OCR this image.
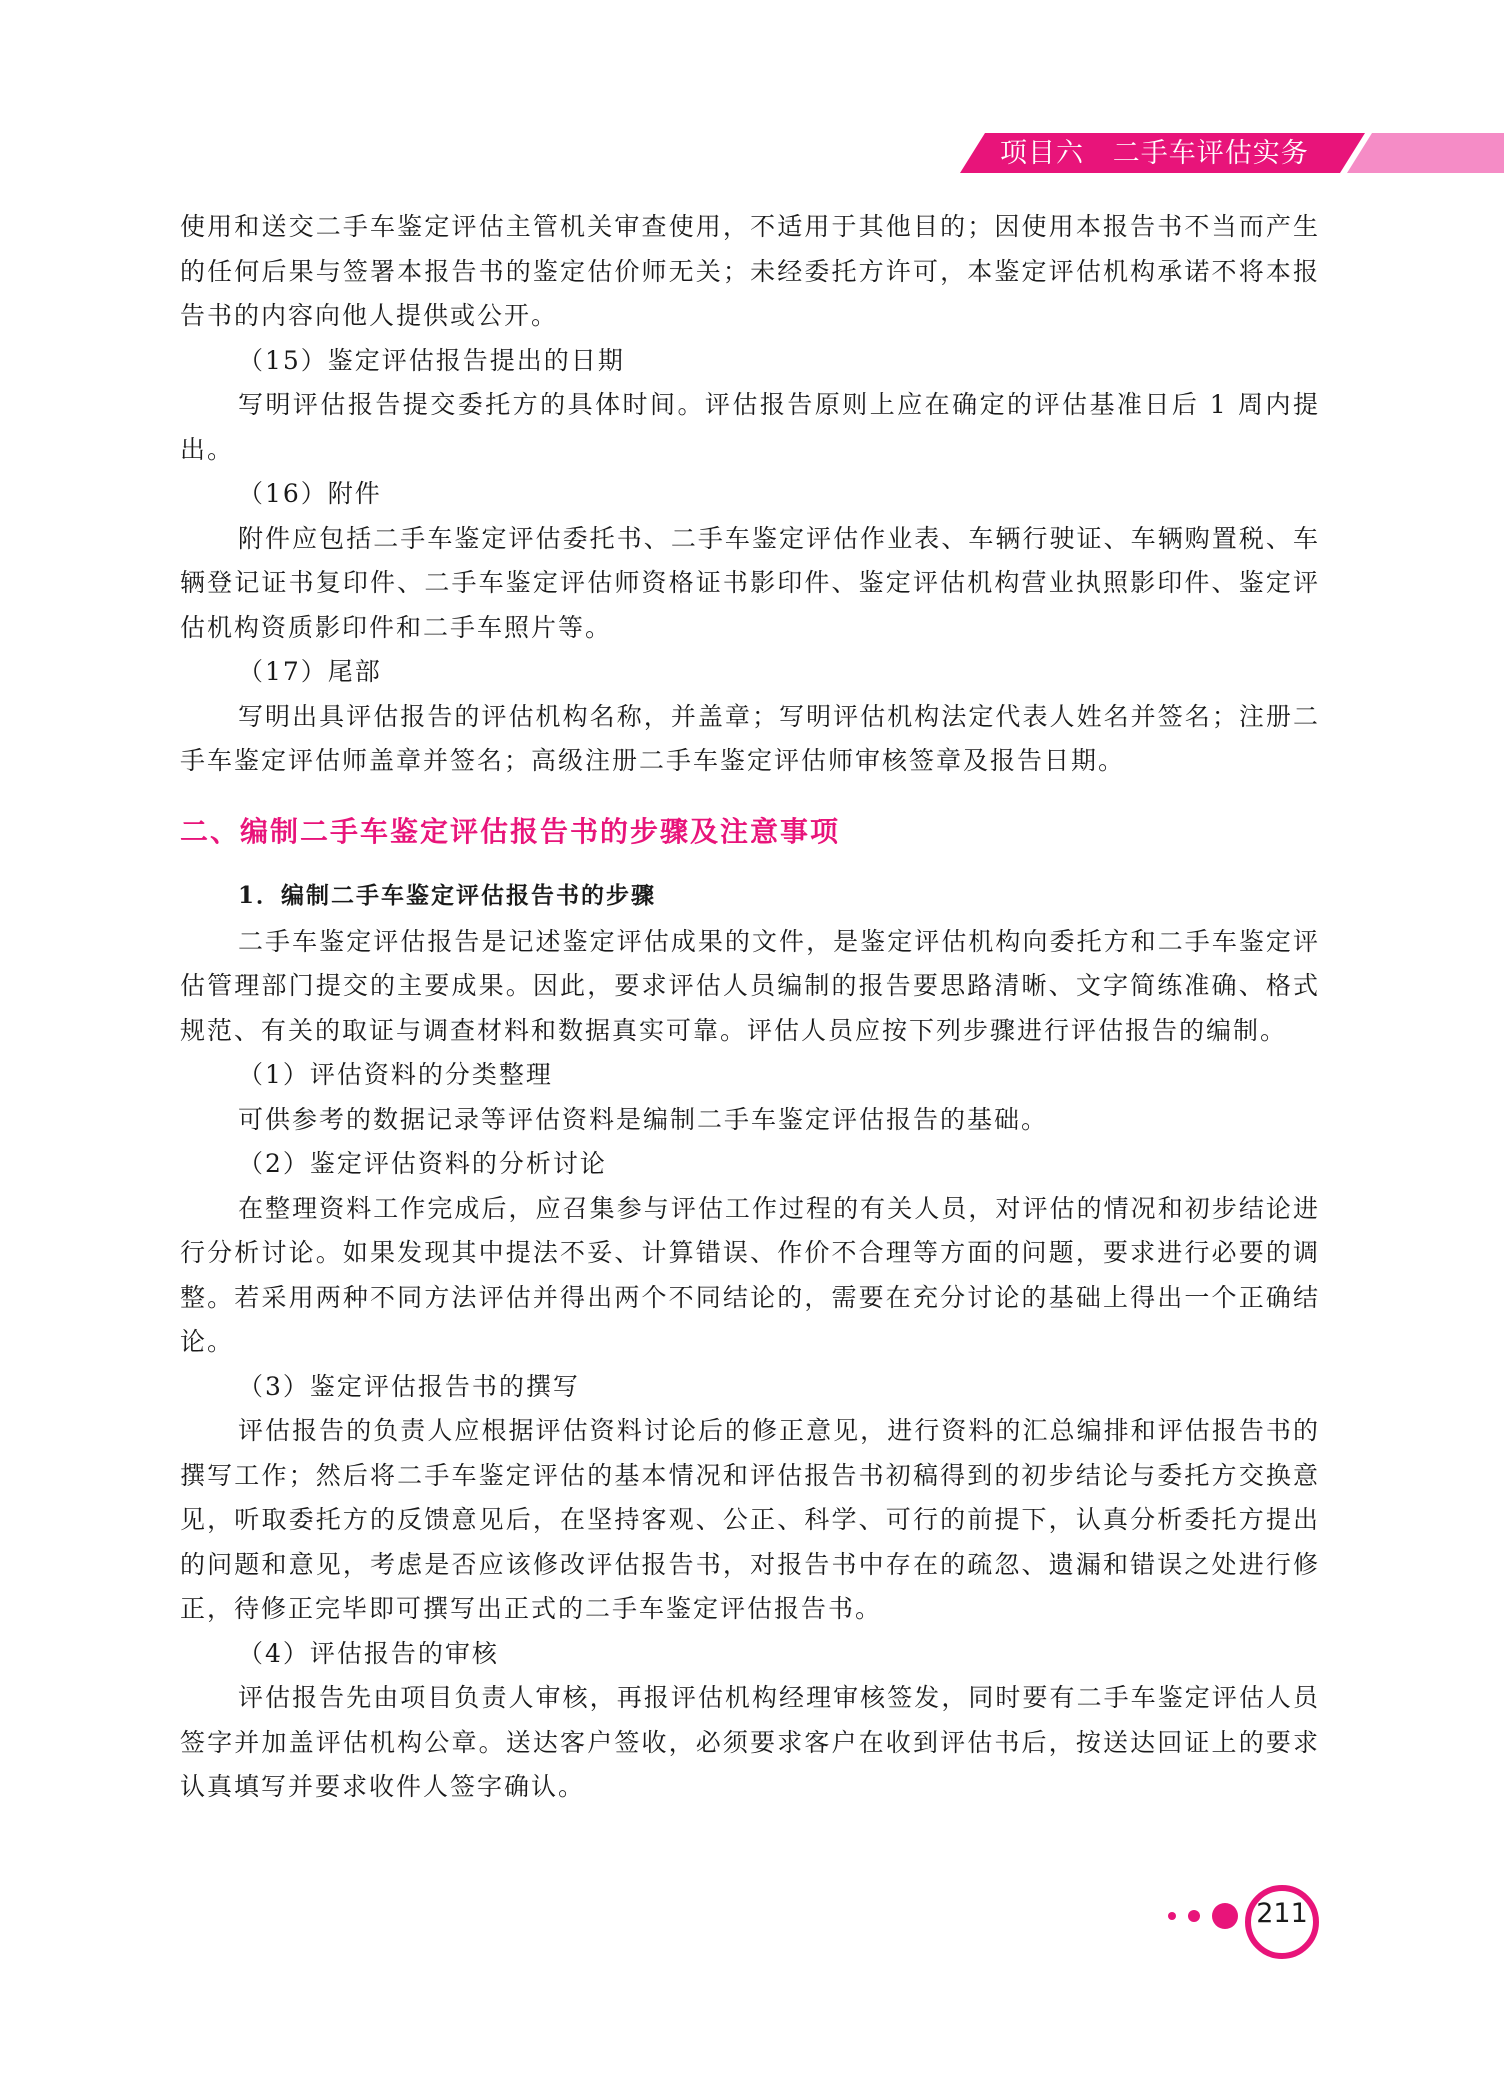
项目六   二手车评估实务

使用和送交二手车鉴定评估主管机关审查使用，不适用于其他目的；因使用本报告书不当而产生的任何后果与签署本报告书的鉴定估价师无关；未经委托方许可，本鉴定评估机构承诺不将本报告书的内容向他人提供或公开。

（15）鉴定评估报告提出的日期

写明评估报告提交委托方的具体时间。评估报告原则上应在确定的评估基准日后 1 周内提出。

（16）附件

附件应包括二手车鉴定评估委托书、二手车鉴定评估作业表、车辆行驶证、车辆购置税、车辆登记证书复印件、二手车鉴定评估师资格证书影印件、鉴定评估机构营业执照影印件、鉴定评估机构资质影印件和二手车照片等。

（17）尾部

写明出具评估报告的评估机构名称，并盖章；写明评估机构法定代表人姓名并签名；注册二手车鉴定评估师盖章并签名；高级注册二手车鉴定评估师审核签章及报告日期。

二、编制二手车鉴定评估报告书的步骤及注意事项
1．编制二手车鉴定评估报告书的步骤

二手车鉴定评估报告是记述鉴定评估成果的文件，是鉴定评估机构向委托方和二手车鉴定评估管理部门提交的主要成果。因此，要求评估人员编制的报告要思路清晰、文字简练准确、格式规范、有关的取证与调查材料和数据真实可靠。评估人员应按下列步骤进行评估报告的编制。

（1）评估资料的分类整理

可供参考的数据记录等评估资料是编制二手车鉴定评估报告的基础。

（2）鉴定评估资料的分析讨论

在整理资料工作完成后，应召集参与评估工作过程的有关人员，对评估的情况和初步结论进行分析讨论。如果发现其中提法不妥、计算错误、作价不合理等方面的问题，要求进行必要的调整。若采用两种不同方法评估并得出两个不同结论的，需要在充分讨论的基础上得出一个正确结论。

（3）鉴定评估报告书的撰写

评估报告的负责人应根据评估资料讨论后的修正意见，进行资料的汇总编排和评估报告书的撰写工作；然后将二手车鉴定评估的基本情况和评估报告书初稿得到的初步结论与委托方交换意见，听取委托方的反馈意见后，在坚持客观、公正、科学、可行的前提下，认真分析委托方提出的问题和意见，考虑是否应该修改评估报告书，对报告书中存在的疏忽、遗漏和错误之处进行修正，待修正完毕即可撰写出正式的二手车鉴定评估报告书。

（4）评估报告的审核

评估报告先由项目负责人审核，再报评估机构经理审核签发，同时要有二手车鉴定评估人员签字并加盖评估机构公章。送达客户签收，必须要求客户在收到评估书后，按送达回证上的要求认真填写并要求收件人签字确认。

211
